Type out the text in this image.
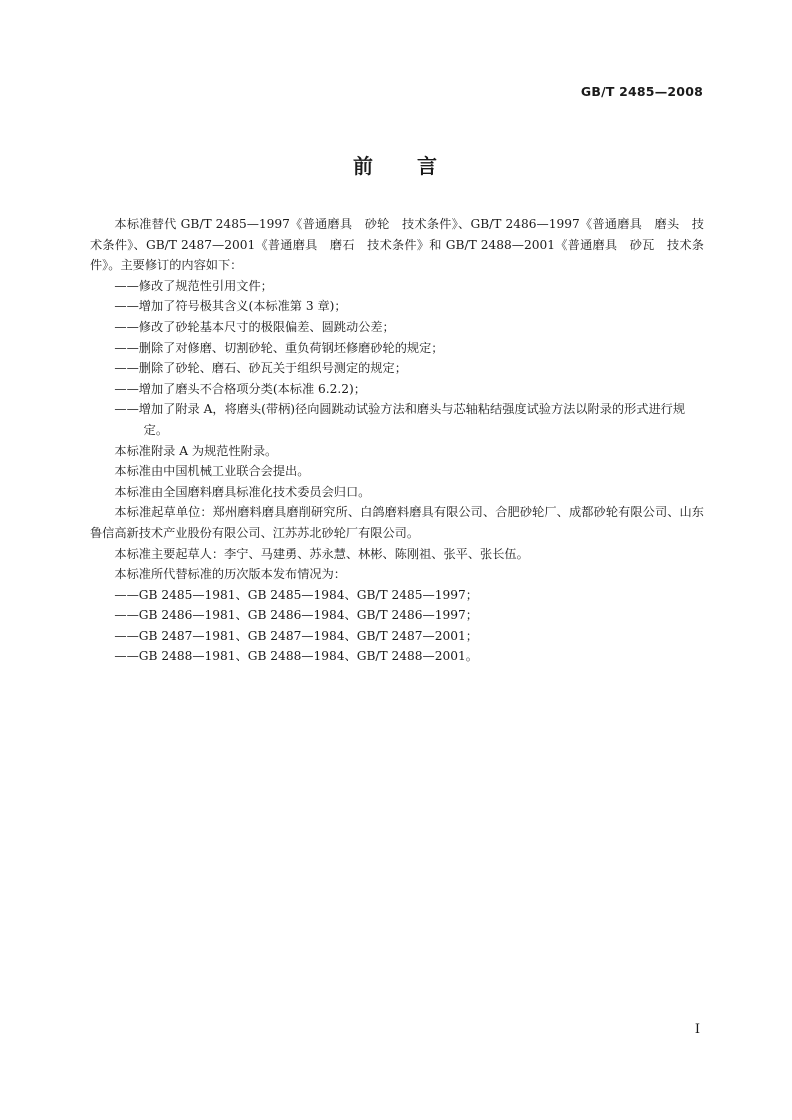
GB/T 2485—2008
前 言

本标准替代 GB/T 2485—1997《普通磨具　砂轮　技术条件》、GB/T 2486—1997《普通磨具　磨头　技术条件》、GB/T 2487—2001《普通磨具　磨石　技术条件》和 GB/T 2488—2001《普通磨具　砂瓦　技术条件》。主要修订的内容如下：

——修改了规范性引用文件；

——增加了符号极其含义(本标准第 3 章)；

——修改了砂轮基本尺寸的极限偏差、圆跳动公差；

——删除了对修磨、切割砂轮、重负荷钢坯修磨砂轮的规定；

——删除了砂轮、磨石、砂瓦关于组织号测定的规定；

——增加了磨头不合格项分类(本标准 6.2.2)；

——增加了附录 A，将磨头(带柄)径向圆跳动试验方法和磨头与芯轴粘结强度试验方法以附录的形式进行规定。

本标准附录 A 为规范性附录。

本标准由中国机械工业联合会提出。

本标准由全国磨料磨具标准化技术委员会归口。

本标准起草单位：郑州磨料磨具磨削研究所、白鸽磨料磨具有限公司、合肥砂轮厂、成都砂轮有限公司、山东鲁信高新技术产业股份有限公司、江苏苏北砂轮厂有限公司。

本标准主要起草人：李宁、马建勇、苏永慧、林彬、陈刚祖、张平、张长伍。

本标准所代替标准的历次版本发布情况为：

——GB 2485—1981、GB 2485—1984、GB/T 2485—1997；

——GB 2486—1981、GB 2486—1984、GB/T 2486—1997；

——GB 2487—1981、GB 2487—1984、GB/T 2487—2001；

——GB 2488—1981、GB 2488—1984、GB/T 2488—2001。

I
